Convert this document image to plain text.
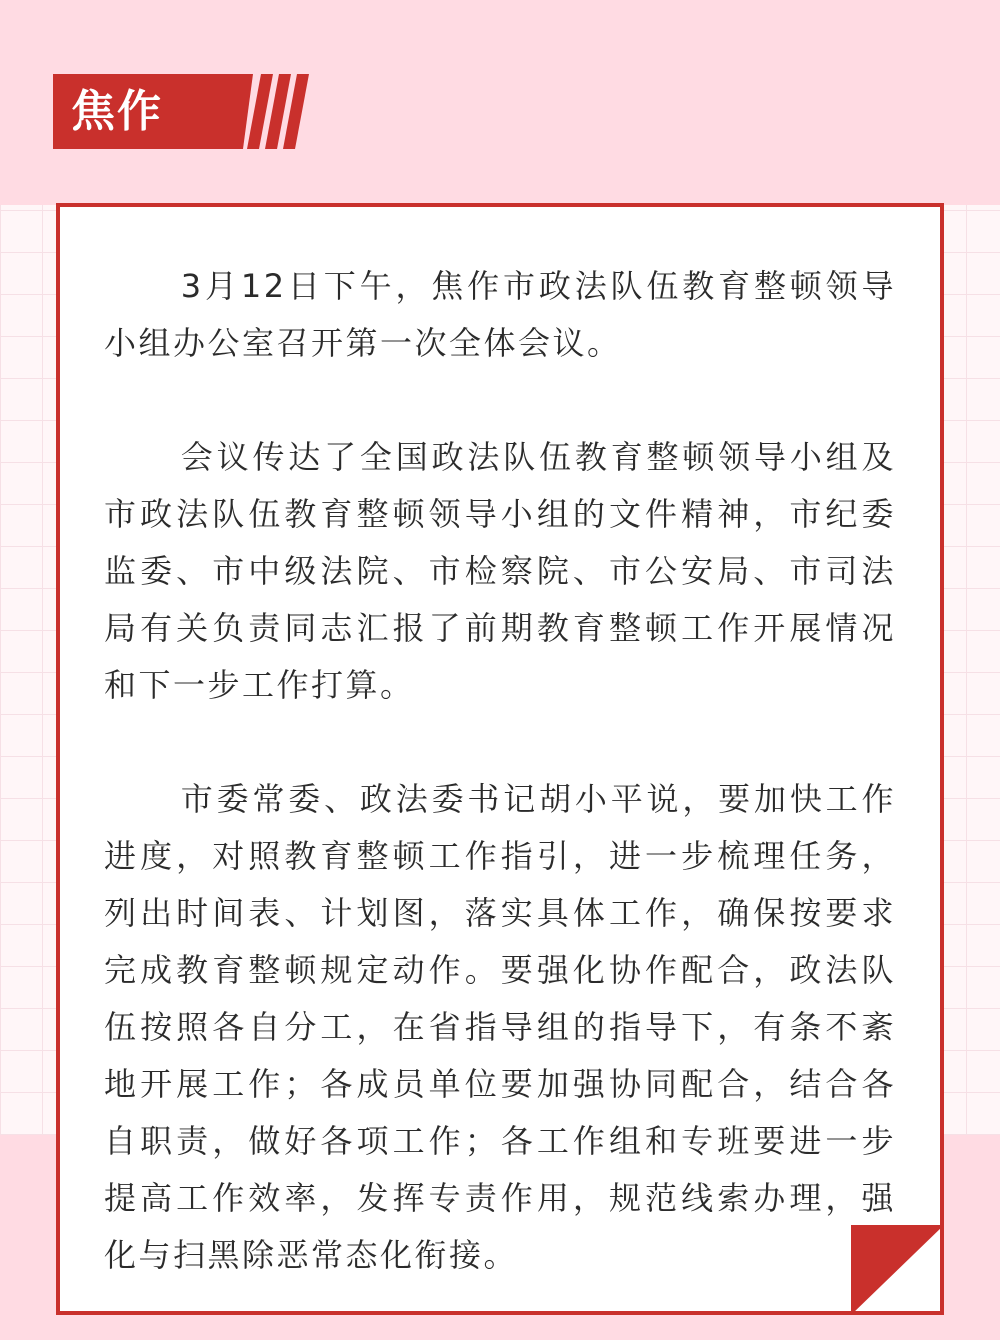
焦作

3月12日下午，焦作市政法队伍教育整顿领导小组办公室召开第一次全体会议。

会议传达了全国政法队伍教育整顿领导小组及市政法队伍教育整顿领导小组的文件精神，市纪委监委、市中级法院、市检察院、市公安局、市司法局有关负责同志汇报了前期教育整顿工作开展情况和下一步工作打算。

市委常委、政法委书记胡小平说，要加快工作进度，对照教育整顿工作指引，进一步梳理任务，列出时间表、计划图，落实具体工作，确保按要求完成教育整顿规定动作。要强化协作配合，政法队伍按照各自分工，在省指导组的指导下，有条不紊地开展工作；各成员单位要加强协同配合，结合各自职责，做好各项工作；各工作组和专班要进一步提高工作效率，发挥专责作用，规范线索办理，强化与扫黑除恶常态化衔接。
